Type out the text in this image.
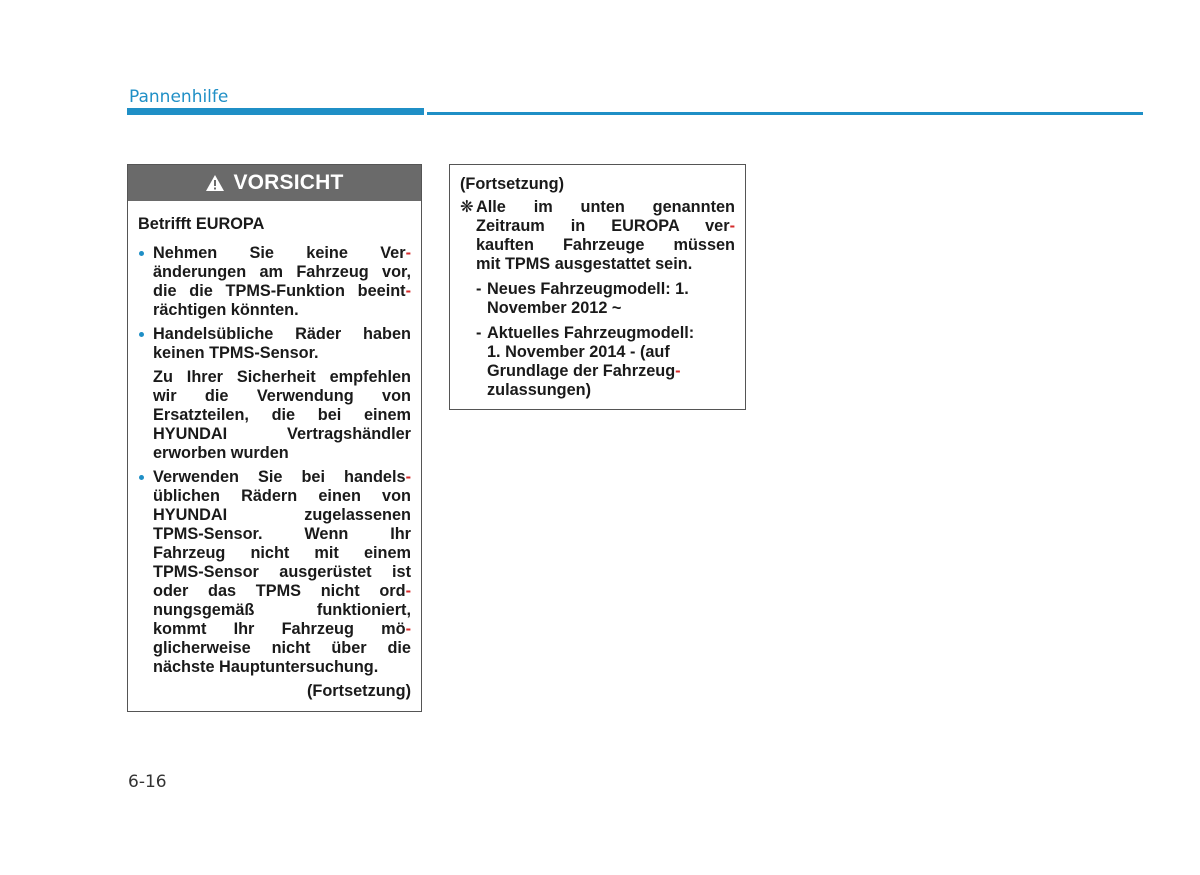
Pannenhilfe
VORSICHT
Betrifft EUROPA
Nehmen Sie keine Ver-
änderungen am Fahrzeug vor,
die die TPMS-Funktion beeint-
rächtigen könnten.
Handelsübliche Räder haben
keinen TPMS-Sensor.
Zu Ihrer Sicherheit empfehlen
wir die Verwendung von
Ersatzteilen, die bei einem
HYUNDAI Vertragshändler
erworben wurden
Verwenden Sie bei handels-
üblichen Rädern einen von
HYUNDAI zugelassenen
TPMS-Sensor. Wenn Ihr
Fahrzeug nicht mit einem
TPMS-Sensor ausgerüstet ist
oder das TPMS nicht ord-
nungsgemäß funktioniert,
kommt Ihr Fahrzeug mö-
glicherweise nicht über die
nächste Hauptuntersuchung.
(Fortsetzung)
(Fortsetzung)
❋ Alle im unten genannten
Zeitraum in EUROPA ver-
kauften Fahrzeuge müssen
mit TPMS ausgestattet sein.
- Neues Fahrzeugmodell: 1.
November 2012 ~
- Aktuelles Fahrzeugmodell:
1. November 2014 - (auf
Grundlage der Fahrzeug-
zulassungen)
6-16
